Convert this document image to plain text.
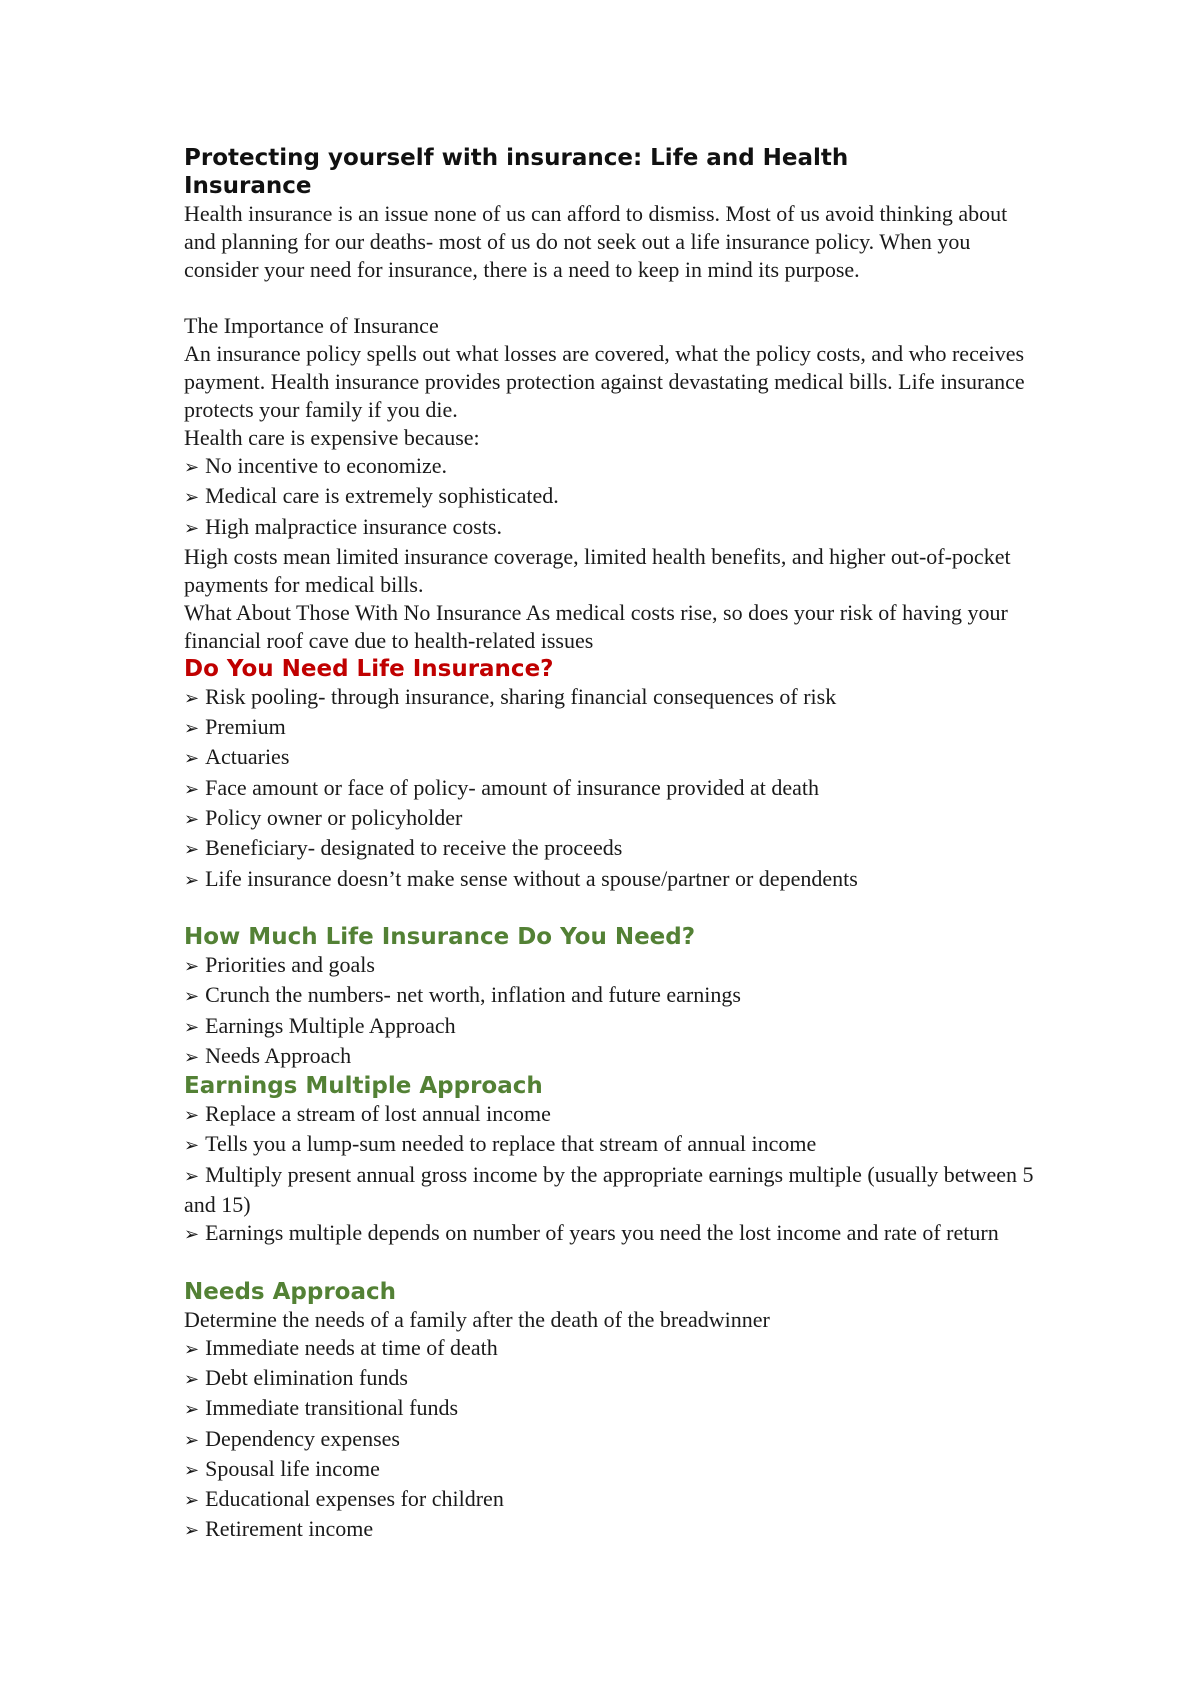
Protecting yourself with insurance: Life and Health Insurance

Health insurance is an issue none of us can afford to dismiss. Most of us avoid thinking about and planning for our deaths- most of us do not seek out a life insurance policy. When you consider your need for insurance, there is a need to keep in mind its purpose.

The Importance of Insurance

An insurance policy spells out what losses are covered, what the policy costs, and who receives payment. Health insurance provides protection against devastating medical bills. Life insurance protects your family if you die.

Health care is expensive because:

➢ No incentive to economize.
➢ Medical care is extremely sophisticated.
➢ High malpractice insurance costs.

High costs mean limited insurance coverage, limited health benefits, and higher out-of-pocket payments for medical bills.

What About Those With No Insurance As medical costs rise, so does your risk of having your financial roof cave due to health-related issues

Do You Need Life Insurance?
➢ Risk pooling- through insurance, sharing financial consequences of risk
➢ Premium
➢ Actuaries
➢ Face amount or face of policy- amount of insurance provided at death
➢ Policy owner or policyholder
➢ Beneficiary- designated to receive the proceeds
➢ Life insurance doesn’t make sense without a spouse/partner or dependents
How Much Life Insurance Do You Need?
➢ Priorities and goals
➢ Crunch the numbers- net worth, inflation and future earnings
➢ Earnings Multiple Approach
➢ Needs Approach
Earnings Multiple Approach
➢ Replace a stream of lost annual income
➢ Tells you a lump-sum needed to replace that stream of annual income
➢ Multiply present annual gross income by the appropriate earnings multiple (usually between 5 and 15)
➢ Earnings multiple depends on number of years you need the lost income and rate of return
Needs Approach

Determine the needs of a family after the death of the breadwinner

➢ Immediate needs at time of death
➢ Debt elimination funds
➢ Immediate transitional funds
➢ Dependency expenses
➢ Spousal life income
➢ Educational expenses for children
➢ Retirement income
